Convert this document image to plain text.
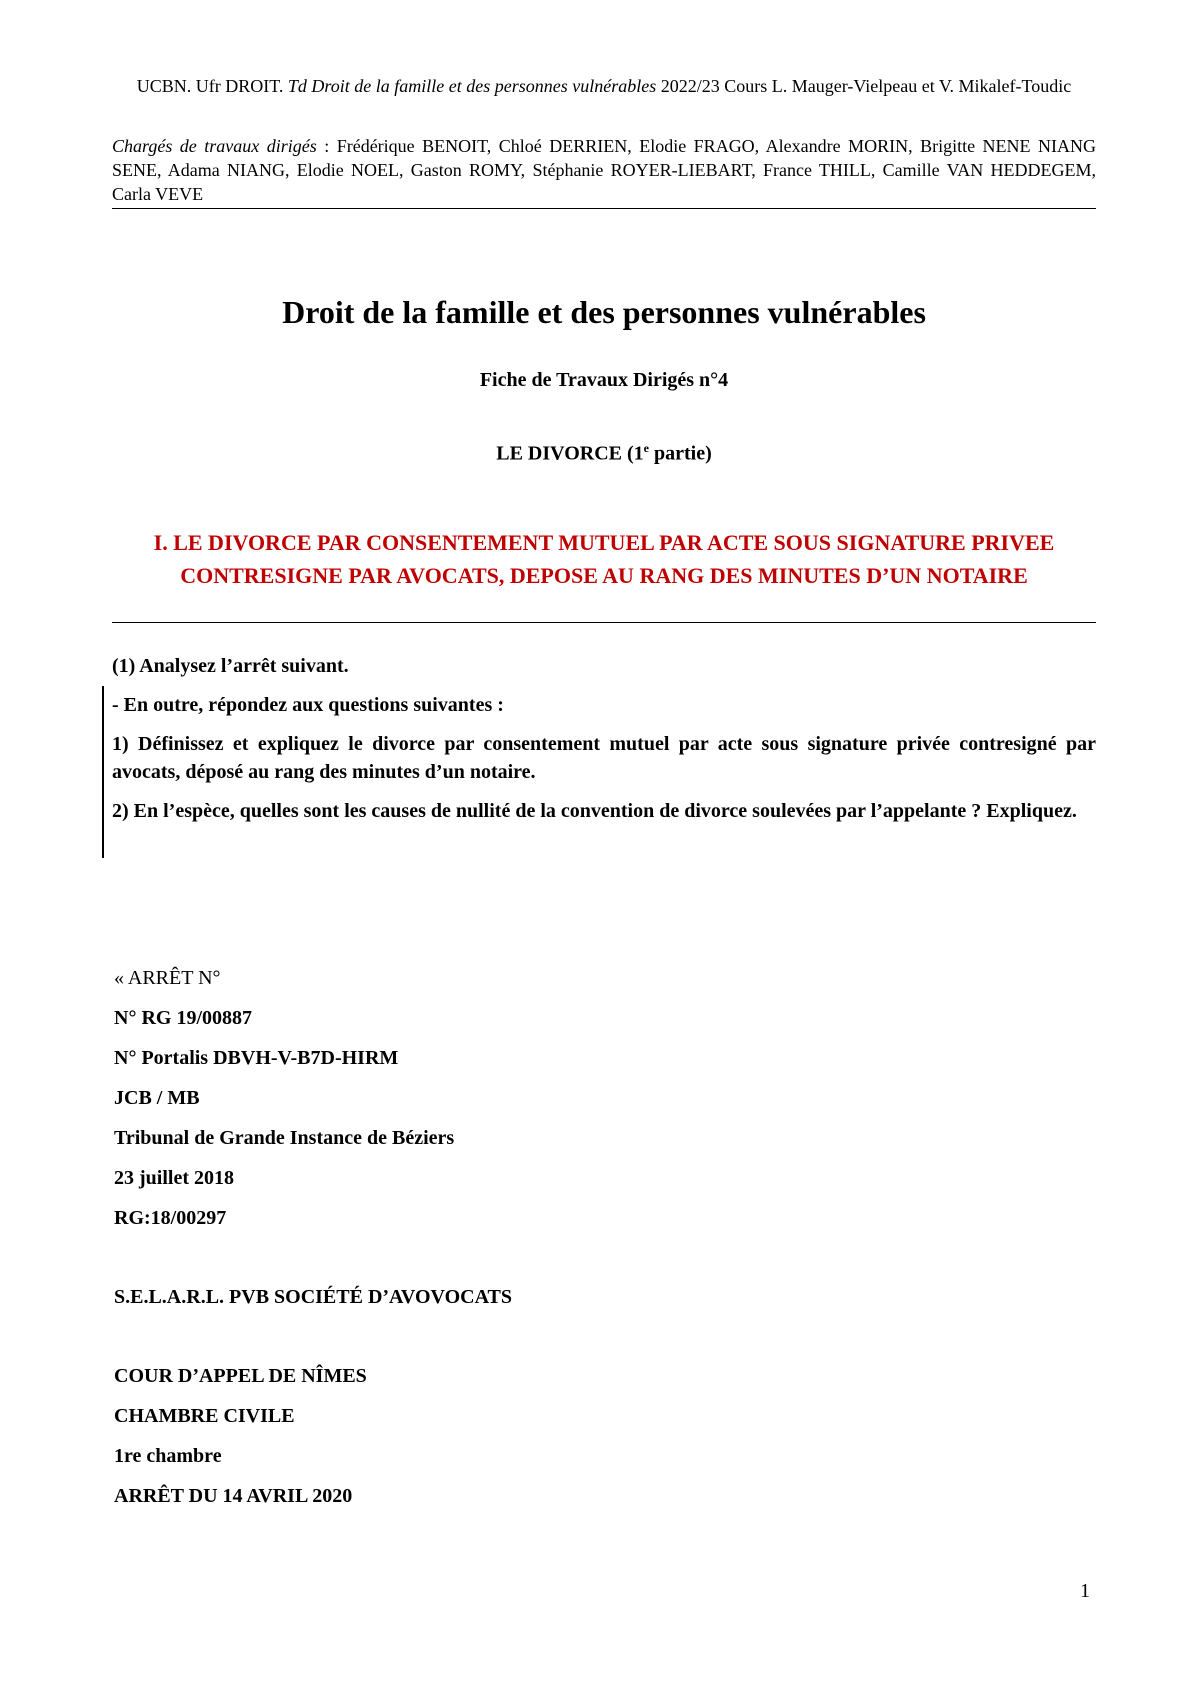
UCBN. Ufr DROIT. Td Droit de la famille et des personnes vulnérables 2022/23 Cours L. Mauger-Vielpeau et V. Mikalef-Toudic
Chargés de travaux dirigés : Frédérique BENOIT, Chloé DERRIEN, Elodie FRAGO, Alexandre MORIN, Brigitte NENE NIANG SENE, Adama NIANG, Elodie NOEL, Gaston ROMY, Stéphanie ROYER-LIEBART, France THILL, Camille VAN HEDDEGEM, Carla VEVE
Droit de la famille et des personnes vulnérables
Fiche de Travaux Dirigés n°4
LE DIVORCE (1e partie)
I. LE DIVORCE PAR CONSENTEMENT MUTUEL PAR ACTE SOUS SIGNATURE PRIVEE CONTRESIGNE PAR AVOCATS, DEPOSE AU RANG DES MINUTES D’UN NOTAIRE

(1) Analysez l’arrêt suivant.

- En outre, répondez aux questions suivantes :

1) Définissez et expliquez le divorce par consentement mutuel par acte sous signature privée contresigné par avocats, déposé au rang des minutes d’un notaire.

2) En l’espèce, quelles sont les causes de nullité de la convention de divorce soulevées par l’appelante ? Expliquez.

« ARRÊT N°
N° RG 19/00887
N° Portalis DBVH-V-B7D-HIRM
JCB / MB
Tribunal de Grande Instance de Béziers
23 juillet 2018
RG:18/00297
S.E.L.A.R.L. PVB SOCIÉTÉ D’AVOVOCATS
COUR D’APPEL DE NÎMES
CHAMBRE CIVILE
1re chambre
ARRÊT DU 14 AVRIL 2020
1
